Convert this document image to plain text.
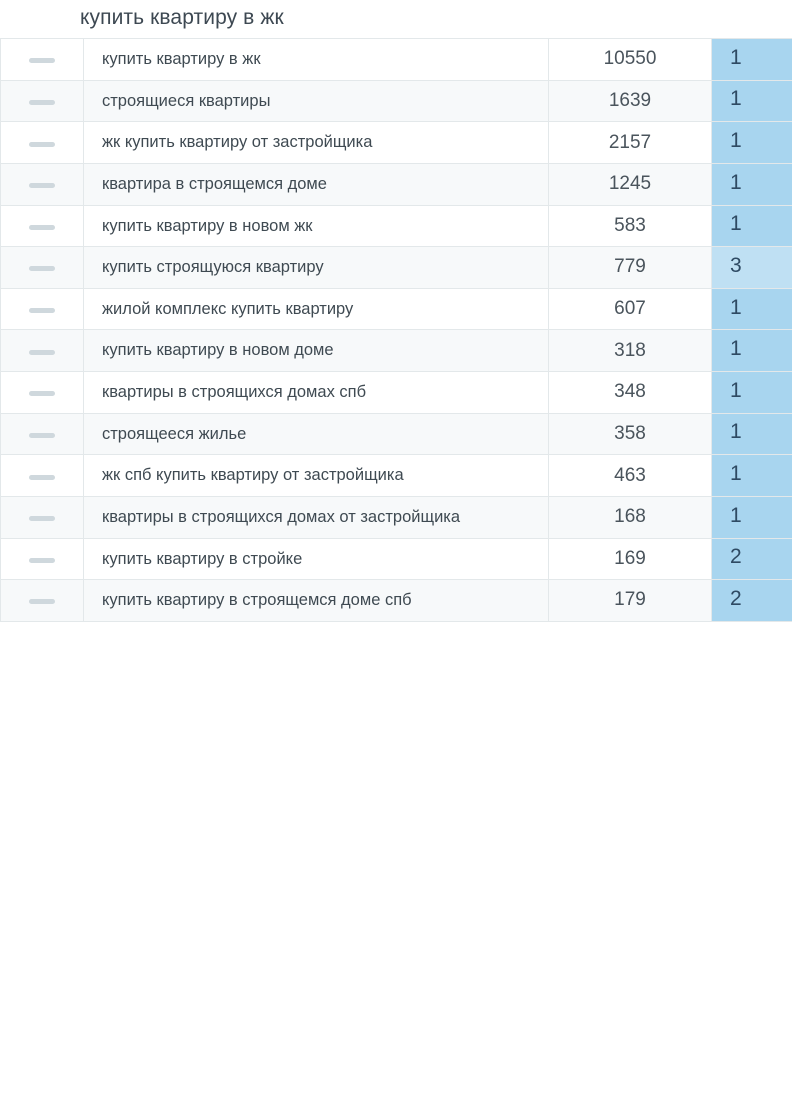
купить квартиру в жк
	купить квартиру в жк	10550	1

	строящиеся квартиры	1639	1

	жк купить квартиру от застройщика	2157	1

	квартира в строящемся доме	1245	1

	купить квартиру в новом жк	583	1

	купить строящуюся квартиру	779	3

	жилой комплекс купить квартиру	607	1

	купить квартиру в новом доме	318	1

	квартиры в строящихся домах спб	348	1

	строящееся жилье	358	1

	жк спб купить квартиру от застройщика	463	1

	квартиры в строящихся домах от застройщика	168	1

	купить квартиру в стройке	169	2

	купить квартиру в строящемся доме спб	179	2
